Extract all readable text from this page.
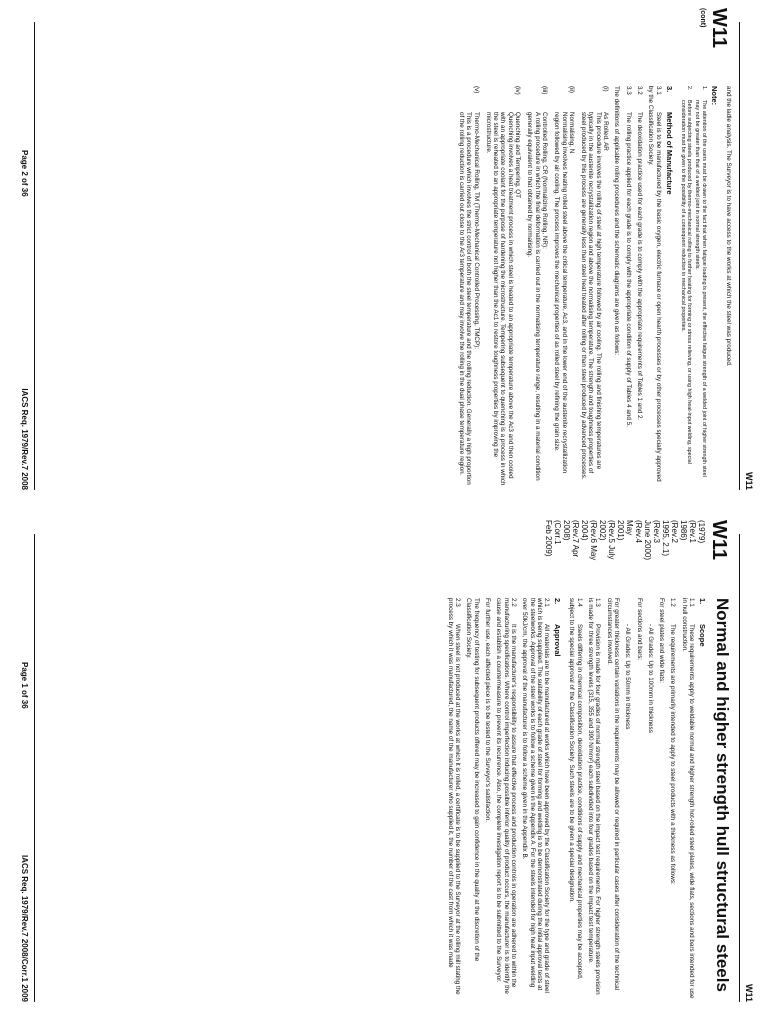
W11
W11
(1979)
(Rev.1
1986)
(Rev.2
1995, 2.1)
(Rev.3
June 2000)
(Rev.4
May
2001)
(Rev.5 July
2002)
(Rev.6 May
2004)
(Rev.7 Apr
2008)
(Corr.1
Feb 2009)
Normal and higher strength hull structural steels
1.Scope
1.1These requirements apply to weldable normal and higher strength hot-rolled steel plates, wide flats, sections and bars intended for use in hull construction.
1.2The requirements are primarily intended to apply to steel products with a thickness as follows:
For steel plates and wide flats:
- All Grades: Up to 100mm in thickness
For sections and bars:
- All Grades: Up to 50mm in thickness
For greater thickness certain variations in the requirements may be allowed or required in particular cases after consideration of the technical circumstances involved.
1.3Provision is made for four grades of normal strength steel based on the impact test requirements. For higher strength steels provision is made for three strength levels (315, 355 and 390 N/mm²) each subdivided into four grades based on the impact test temperature.
1.4Steels differing in chemical composition, deoxidation practice, conditions of supply and mechanical properties may be accepted, subject to the special approval of the Classification Society. Such steels are to be given a special designation.
2.Approval
2.1All materials are to be manufactured at works which have been approved by the Classification Society for the type and grade of steel which is being supplied. The suitability of each grade of steel for forming and welding is to be demonstrated during the initial approval tests at the steelworks. Approval of the steel works is to follow a scheme given in the Appendix A. For the steels intended for high heat input welding over 50kJ/cm, the approval of the manufacturer is to follow a scheme given in the Appendix B.
2.2It is the manufacturer's responsibility to assure that effective process and production controls in operation are adhered to within the manufacturing specifications. Where control imperfection inducing possible inferior quality of product occurs, the manufacturer is to identify the cause and establish a countermeasure to prevent its recurrence. Also, the complete investigation report is to be submitted to the Surveyor.
For further use, each affected piece is to be tested to the Surveyor's satisfaction.
The frequency of testing for subsequent products offered may be increased to gain confidence in the quality at the discretion of the Classification Society.
2.3When steel is not produced at the works at which it is rolled, a certificate is to be supplied to the Surveyor at the rolling mill stating the process by which it was manufactured, the name of the manufacturer who supplied it, the number of the cast from which it was made
Page 1 of 36
IACS Req. 1979/Rev.7 2008/Corr.1 2009
W11
W11
(cont)
and the ladle analysis. The Surveyor is to have access to the works at which the steel was produced.
Note:
1.The attention of the users must be drawn to the fact that when fatigue loading is present, the effective fatigue strength of a welded joint of higher strength steel may not be greater than that of a welded joint in normal strength steels.
2.Before subjecting steels produced by thermo-mechanical rolling to further heating for forming or stress relieving, or using high heat-input welding, special consideration must be given to the possibility of a consequent reduction in mechanical properties.
3.Method of Manufacture
3.1Steel is to be manufactured by the basic oxygen, electric furnace or open hearth processes or by other processes specially approved by the Classification Society.
3.2The deoxidation practice used for each grade is to comply with the appropriate requirements of Tables 1 and 2.
3.3The rolling practice applied for each grade is to comply with the appropriate condition of supply of Tables 4 and 5.
The definitions of applicable rolling procedures and the schematic diagrams are given as follows:
(i)
As Rolled, AR
This procedure involves the rolling of steel at high temperature followed by air cooling. The rolling and finishing temperatures are typically in the austenite recrystallization region and above the normalising temperature. The strength and toughness properties of steel produced by this process are generally less than steel heat treated after rolling or than steel produced by advanced processes.
(ii)
Normalising, N
Normalising involves heating rolled steel above the critical temperature, Ac3, and in the lower end of the austenite recrystallization region followed by air cooling. The process improves the mechanical properties of as rolled steel by refining the grain size.
(iii)
Controlled Rolling, CR (Normalizing Rolling, NR):
A rolling procedure in which the final deformation is carried out in the normalising temperature range, resulting in a material condition generally equivalent to that obtained by normalising.
(iv)
Quenching and Tempering, QT
Quenching involves a heat treatment process in which steel is heated to an appropriate temperature above the Ac3 and then cooled with an appropriate coolant for the purpose of hardening the microstructure. Tempering subsequent to quenching is a process in which the steel is reheated to an appropriate temperature not higher than the Ac1 to restore toughness properties by improving the microstructure.
(v)
Thermo-Mechanical Rolling, TM (Thermo-Mechanical Controlled Processing, TMCP):
This is a procedure which involves the strict control of both the steel temperature and the rolling reduction. Generally a high proportion of the rolling reduction is carried out close to the Ar3 temperature and may involve the rolling in the dual phase temperature region.
Page 2 of 36
IACS Req. 1979/Rev.7 2008
